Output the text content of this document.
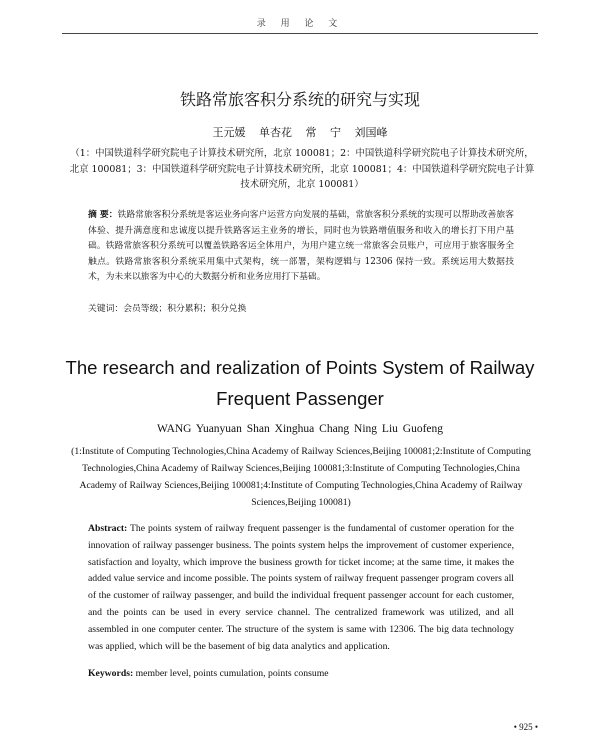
录 用 论 文
铁路常旅客积分系统的研究与实现
王元媛 单杏花 常 宁 刘国峰
（1：中国铁道科学研究院电子计算技术研究所，北京 100081；2：中国铁道科学研究院电子计算技术研究所，北京 100081；3：中国铁道科学研究院电子计算技术研究所，北京 100081；4：中国铁道科学研究院电子计算技术研究所，北京 100081）
摘 要：铁路常旅客积分系统是客运业务向客户运营方向发展的基础，常旅客积分系统的实现可以帮助改善旅客体验、提升满意度和忠诚度以提升铁路客运主业务的增长，同时也为铁路增值服务和收入的增长打下用户基础。铁路常旅客积分系统可以覆盖铁路客运全体用户，为用户建立统一常旅客会员账户，可应用于旅客服务全触点。铁路常旅客积分系统采用集中式架构，统一部署，架构逻辑与 12306 保持一致。系统运用大数据技术，为未来以旅客为中心的大数据分析和业务应用打下基础。
关键词：会员等级；积分累积；积分兑换
The research and realization of Points System of Railway Frequent Passenger
WANG Yuanyuan Shan Xinghua Chang Ning Liu Guofeng
(1:Institute of Computing Technologies,China Academy of Railway Sciences,Beijing 100081;2:Institute of Computing Technologies,China Academy of Railway Sciences,Beijing 100081;3:Institute of Computing Technologies,China Academy of Railway Sciences,Beijing 100081;4:Institute of Computing Technologies,China Academy of Railway Sciences,Beijing 100081)
Abstract: The points system of railway frequent passenger is the fundamental of customer operation for the innovation of railway passenger business. The points system helps the improvement of customer experience, satisfaction and loyalty, which improve the business growth for ticket income; at the same time, it makes the added value service and income possible. The points system of railway frequent passenger program covers all of the customer of railway passenger, and build the individual frequent passenger account for each customer, and the points can be used in every service channel. The centralized framework was utilized, and all assembled in one computer center. The structure of the system is same with 12306. The big data technology was applied, which will be the basement of big data analytics and application.
Keywords: member level, points cumulation, points consume
• 925 •
